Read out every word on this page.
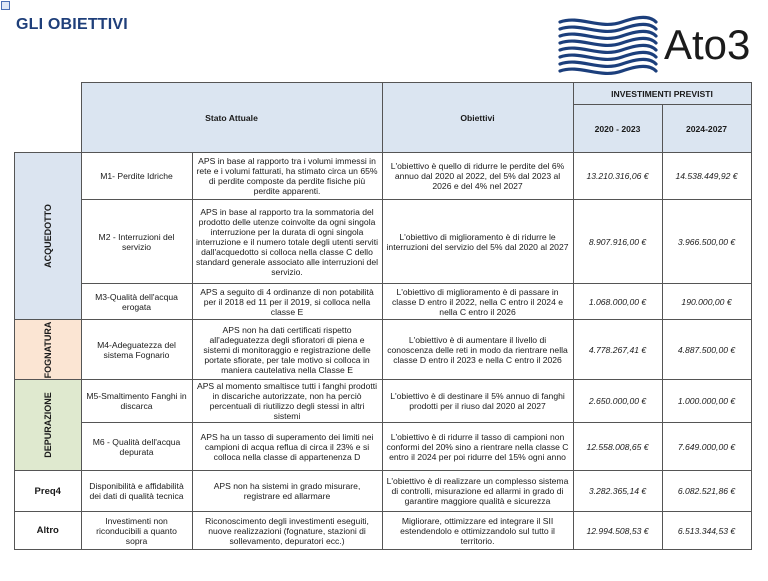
GLI OBIETTIVI	Ato3
	Stato Attuale		Obiettivi	INVESTIMENTI PREVISTI	
				2020 - 2023	2024-2027

ACQUEDOTTO	M1- Perdite Idriche	APS in base al rapporto tra i volumi immessi in rete e i volumi fatturati, ha stimato circa un 65% di perdite composte da perdite fisiche più perdite apparenti.	L'obiettivo è quello di ridurre le perdite del 6% annuo dal 2020 al 2022, del 5% dal 2023 al 2026 e del 4% nel 2027	13.210.316,06 €	14.538.449,92 €
	M2 - Interruzioni del servizio	APS in base al rapporto tra la sommatoria del prodotto delle utenze coinvolte da ogni singola interruzione per la durata di ogni singola interruzione e il numero totale degli utenti serviti dall'acquedotto si colloca nella classe C dello standard generale associato alle interruzioni del servizio.	L'obiettivo di miglioramento è di ridurre le interruzioni del servizio del 5% dal 2020 al 2027	8.907.916,00 €	3.966.500,00 €
	M3-Qualità dell'acqua erogata	APS a seguito di 4 ordinanze di non potabilità per il 2018 ed 11 per il 2019, si colloca nella classe E	L'obiettivo di miglioramento è di passare in classe D entro il 2022, nella C entro il 2024 e nella C entro il 2026	1.068.000,00 €	190.000,00 €

FOGNATURA	M4-Adeguatezza del sistema Fognario	APS non ha dati certificati rispetto all'adeguatezza degli sfioratori di piena e sistemi di monitoraggio e registrazione delle portate sfiorate, per tale motivo si colloca in maniera cautelativa nella Classe E	L'obiettivo è di aumentare il livello di conoscenza delle reti in modo da rientrare nella classe D entro il 2023 e nella C entro il 2026	4.778.267,41 €	4.887.500,00 €

DEPURAZIONE	M5-Smaltimento Fanghi in discarca	APS al momento smaltisce tutti i fanghi prodotti in discariche autorizzate, non ha perciò percentuali di riutilizzo degli stessi in altri sistemi	L'obiettivo è di destinare il 5% annuo di fanghi prodotti per il riuso dal 2020 al 2027	2.650.000,00 €	1.000.000,00 €
	M6 - Qualità dell'acqua depurata	APS ha un tasso di superamento dei limiti nei campioni di acqua reflua di circa il 23% e si colloca nella classe di appartenenza D	L'obiettivo è di ridurre il tasso di campioni non conformi del 20% sino a rientrare nella classe C entro il 2024 per poi ridurre del 15% ogni anno	12.558.008,65 €	7.649.000,00 €
Preq4	Disponibilità e affidabilità dei dati di qualità tecnica	APS non ha sistemi in grado misurare, registrare ed allarmare	L'obiettivo è di realizzare un complesso sistema di controlli, misurazione ed allarmi in grado di garantire maggiore qualità e sicurezza	3.282.365,14 €	6.082.521,86 €
Altro	Investimenti non riconducibili a quanto sopra	Riconoscimento degli investimenti eseguiti, nuove realizzazioni (fognature, stazioni di sollevamento, depuratori ecc.)	Migliorare, ottimizzare ed integrare il SII estendendolo e ottimizzandolo sul tutto il territorio.	12.994.508,53 €	6.513.344,53 €
